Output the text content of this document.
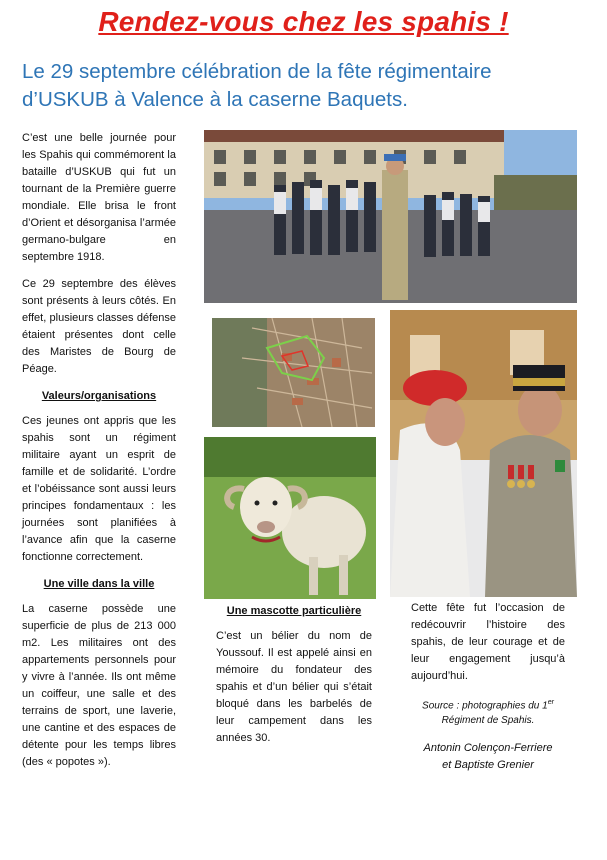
Rendez-vous chez les spahis !
Le 29 septembre célébration de la fête régimentaire
d’USKUB à Valence à la caserne Baquets.

C’est une belle journée pour les Spahis qui commémorent la bataille d’USKUB qui fut un tournant de la Première guerre mondiale. Elle brisa le front d’Orient et désorganisa l’armée germano-bulgare en septembre 1918.

Ce 29 septembre des élèves sont présents à leurs côtés. En effet, plusieurs classes défense étaient présentes dont celle des Maristes de Bourg de Péage.

Valeurs/organisations

Ces jeunes ont appris que les spahis sont un régiment militaire ayant un esprit de famille et de solidarité. L’ordre et l’obéissance sont aussi leurs principes fondamentaux : les journées sont planifiées à l’avance afin que la caserne fonctionne correctement.

Une ville dans la ville

La caserne possède une superficie de plus de 213 000 m2. Les militaires ont des appartements personnels pour y vivre à l’année. Ils ont même un coiffeur, une salle et des terrains de sport, une laverie, une cantine et des espaces de détente pour les temps libres (des « popotes »).

Une mascotte particulière

C’est un bélier du nom de Youssouf. Il est appelé ainsi en mémoire du fondateur des spahis et d’un bélier qui s’était bloqué dans les barbelés de leur campement dans les années 30.

Cette fête fut l’occasion de redécouvrir l’histoire des spahis, de leur courage et de leur engagement jusqu’à aujourd’hui.

Source : photographies du 1er Régiment de Spahis.
Antonin Colençon-Ferriere
et Baptiste Grenier
